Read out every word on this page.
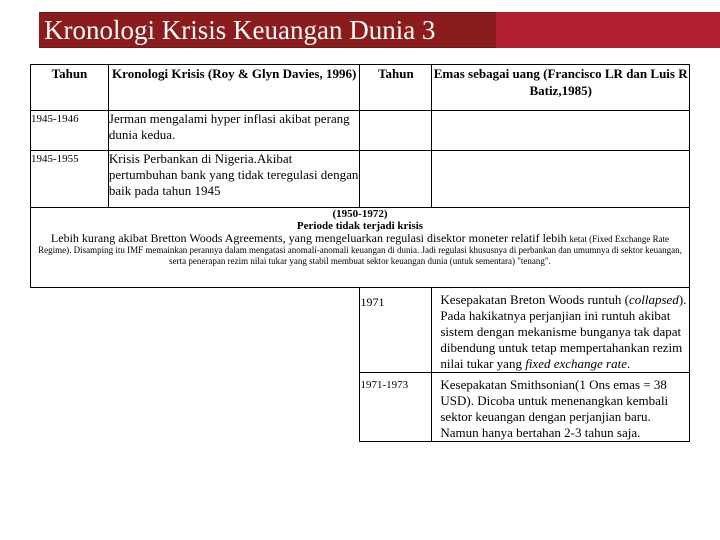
Kronologi Krisis Keuangan Dunia 3
Tahun	Kronologi Krisis (Roy & Glyn Davies, 1996)	Tahun	Emas sebagai uang (Francisco LR dan Luis R Batiz,1985)
1945-1946	Jerman mengalami hyper inflasi akibat perang dunia kedua.		
1945-1955	Krisis Perbankan di Nigeria.Akibat pertumbuhan bank yang tidak teregulasi dengan baik pada tahun 1945		

(1950-1972)
Periode tidak terjadi krisis
Lebih kurang akibat Bretton Woods Agreements, yang mengeluarkan regulasi disektor moneter relatif lebih ketat (Fixed Exchange Rate
Regime). Disamping itu IMF memainkan perannya dalam mengatasi anomali-anomali keuangan di dunia. Jadi regulasi khususnya di perbankan dan umumnya di sektor keuangan, serta penerapan rezim nilai tukar yang stabil membuat sektor keuangan dunia (untuk sementara) "tenang".			

		1971	Kesepakatan Breton Woods runtuh (collapsed). Pada hakikatnya perjanjian ini runtuh akibat sistem dengan mekanisme bunganya tak dapat dibendung untuk tetap mempertahankan rezim nilai tukar yang fixed exchange rate.
		1971-1973	Kesepakatan Smithsonian(1 Ons emas = 38 USD). Dicoba untuk menenangkan kembali sektor keuangan dengan perjanjian baru. Namun hanya bertahan 2-3 tahun saja.
